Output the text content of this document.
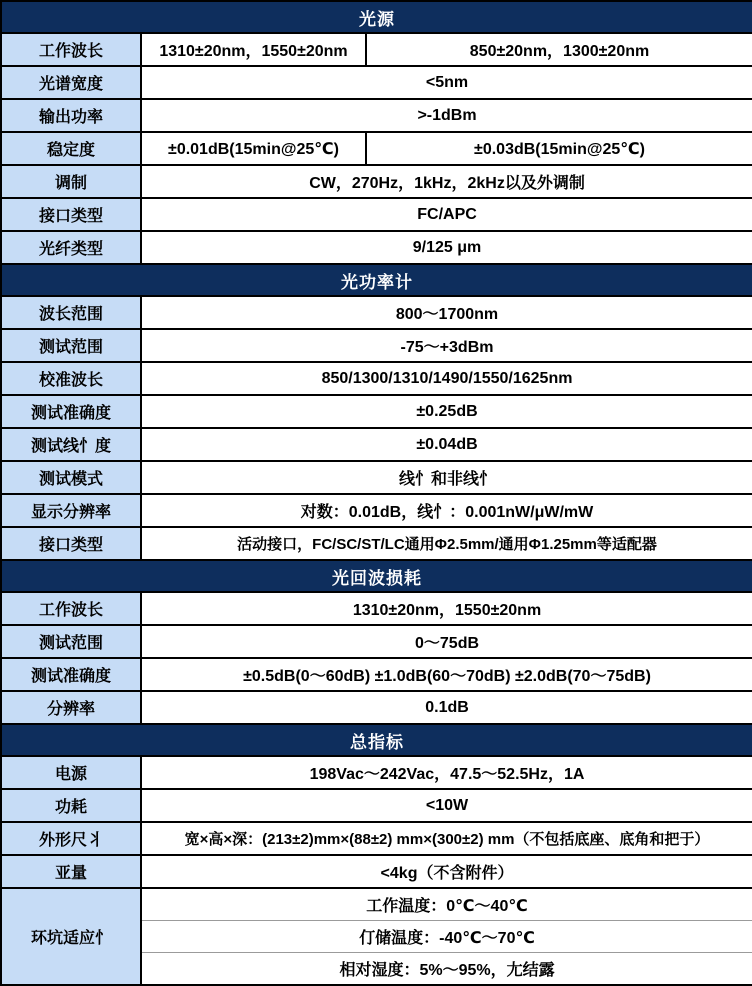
光源		
工作波长	1310±20nm，1550±20nm	850±20nm，1300±20nm
光谱宽度	<5nm	
输出功率	>-1dBm	
稳定度	±0.01dB(15min@25℃)	±0.03dB(15min@25℃)
调制	CW，270Hz，1kHz，2kHz以及外调制	
接口类型	FC/APC	
光纤类型	9/125 μm	
光功率计		
波长范围	800～1700nm	
测试范围	-75～+3dBm	
校准波长	850/1300/1310/1490/1550/1625nm	
测试准确度	±0.25dB	
测试线忄度	±0.04dB	
测试模式	线忄和非线忄	
显示分辨率	对数：0.01dB，线忄：0.001nW/μW/mW	
接口类型	活动接口，FC/SC/ST/LC通用Φ2.5mm/通用Φ1.25mm等适配器	
光回波损耗		
工作波长	1310±20nm，1550±20nm	
测试范围	0～75dB	
测试准确度	±0.5dB(0～60dB) ±1.0dB(60～70dB) ±2.0dB(70～75dB)	
分辨率	0.1dB	
总指标		
电源	198Vac～242Vac，47.5～52.5Hz，1A	
功耗	<10W	
外形尺丬	宽×高×深：(213±2)mm×(88±2) mm×(300±2) mm（不包括底座、底角和把于）	
亚量	<4kg（不含附件）	
环坑适应忄	工作温度：0℃～40℃	
	仃储温度：-40℃～70℃	
	相对湿度：5%～95%，尢结露	
